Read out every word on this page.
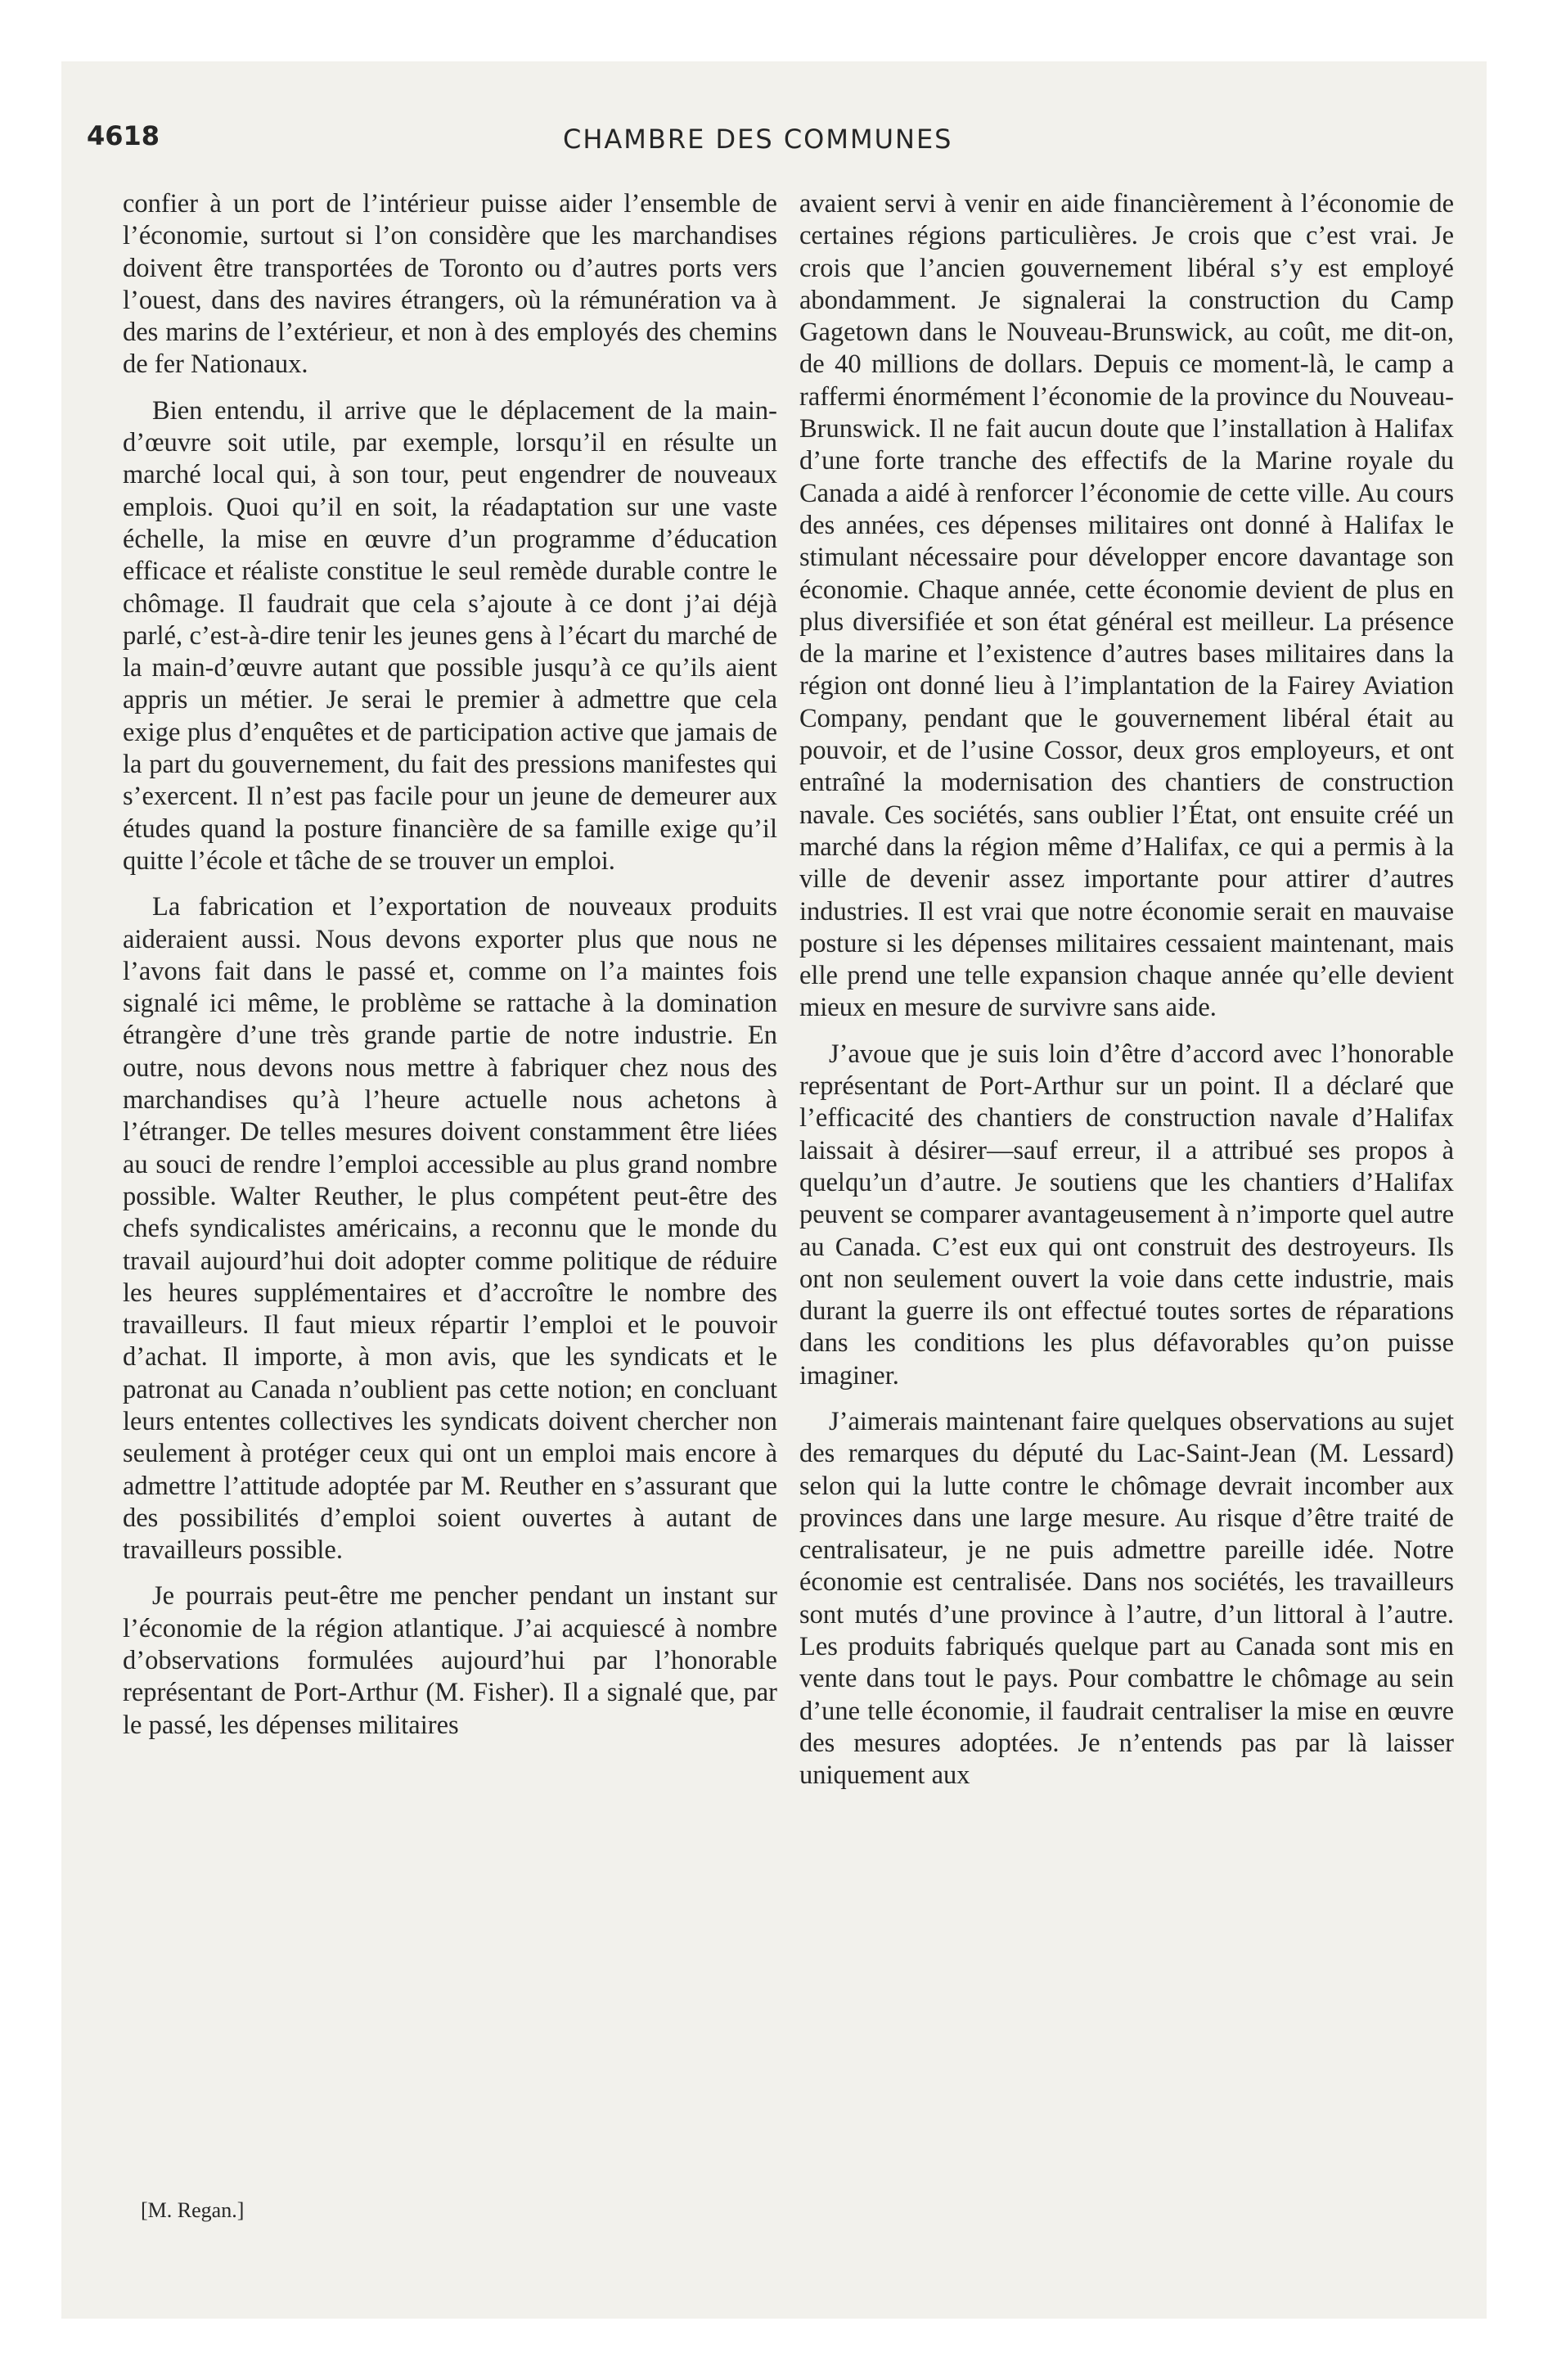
4618	CHAMBRE DES COMMUNES

confier à un port de l’intérieur puisse aider l’ensemble de l’économie, surtout si l’on considère que les marchandises doivent être transportées de Toronto ou d’autres ports vers l’ouest, dans des navires étrangers, où la rémunération va à des marins de l’extérieur, et non à des employés des chemins de fer Nationaux.

Bien entendu, il arrive que le déplacement de la main-d’œuvre soit utile, par exemple, lorsqu’il en résulte un marché local qui, à son tour, peut engendrer de nouveaux emplois. Quoi qu’il en soit, la réadaptation sur une vaste échelle, la mise en œuvre d’un programme d’éducation efficace et réaliste constitue le seul remède durable contre le chômage. Il faudrait que cela s’ajoute à ce dont j’ai déjà parlé, c’est-à-dire tenir les jeunes gens à l’écart du marché de la main-d’œuvre autant que possible jusqu’à ce qu’ils aient appris un métier. Je serai le premier à admettre que cela exige plus d’enquêtes et de participation active que jamais de la part du gouvernement, du fait des pressions manifestes qui s’exercent. Il n’est pas facile pour un jeune de demeurer aux études quand la posture financière de sa famille exige qu’il quitte l’école et tâche de se trouver un emploi.

La fabrication et l’exportation de nouveaux produits aideraient aussi. Nous devons exporter plus que nous ne l’avons fait dans le passé et, comme on l’a maintes fois signalé ici même, le problème se rattache à la domination étrangère d’une très grande partie de notre industrie. En outre, nous devons nous mettre à fabriquer chez nous des marchandises qu’à l’heure actuelle nous achetons à l’étranger. De telles mesures doivent constamment être liées au souci de rendre l’emploi accessible au plus grand nombre possible. Walter Reuther, le plus compétent peut-être des chefs syndicalistes américains, a reconnu que le monde du travail aujourd’hui doit adopter comme politique de réduire les heures supplémentaires et d’accroître le nombre des travailleurs. Il faut mieux répartir l’emploi et le pouvoir d’achat. Il importe, à mon avis, que les syndicats et le patronat au Canada n’oublient pas cette notion; en concluant leurs ententes collectives les syndicats doivent chercher non seulement à protéger ceux qui ont un emploi mais encore à admettre l’attitude adoptée par M. Reuther en s’assurant que des possibilités d’emploi soient ouvertes à autant de travailleurs possible.

Je pourrais peut-être me pencher pendant un instant sur l’économie de la région atlantique. J’ai acquiescé à nombre d’observations formulées aujourd’hui par l’honorable représentant de Port-Arthur (M. Fisher). Il a signalé que, par le passé, les dépenses militaires

avaient servi à venir en aide financièrement à l’économie de certaines régions particulières. Je crois que c’est vrai. Je crois que l’ancien gouvernement libéral s’y est employé abondamment. Je signalerai la construction du Camp Gagetown dans le Nouveau-Brunswick, au coût, me dit-on, de 40 millions de dollars. Depuis ce moment-là, le camp a raffermi énormément l’économie de la province du Nouveau-Brunswick. Il ne fait aucun doute que l’installation à Halifax d’une forte tranche des effectifs de la Marine royale du Canada a aidé à renforcer l’économie de cette ville. Au cours des années, ces dépenses militaires ont donné à Halifax le stimulant nécessaire pour développer encore davantage son économie. Chaque année, cette économie devient de plus en plus diversifiée et son état général est meilleur. La présence de la marine et l’existence d’autres bases militaires dans la région ont donné lieu à l’implantation de la Fairey Aviation Company, pendant que le gouvernement libéral était au pouvoir, et de l’usine Cossor, deux gros employeurs, et ont entraîné la modernisation des chantiers de construction navale. Ces sociétés, sans oublier l’État, ont ensuite créé un marché dans la région même d’Halifax, ce qui a permis à la ville de devenir assez importante pour attirer d’autres industries. Il est vrai que notre économie serait en mauvaise posture si les dépenses militaires cessaient maintenant, mais elle prend une telle expansion chaque année qu’elle devient mieux en mesure de survivre sans aide.

J’avoue que je suis loin d’être d’accord avec l’honorable représentant de Port-Arthur sur un point. Il a déclaré que l’efficacité des chantiers de construction navale d’Halifax laissait à désirer—sauf erreur, il a attribué ses propos à quelqu’un d’autre. Je soutiens que les chantiers d’Halifax peuvent se comparer avantageusement à n’importe quel autre au Canada. C’est eux qui ont construit des destroyeurs. Ils ont non seulement ouvert la voie dans cette industrie, mais durant la guerre ils ont effectué toutes sortes de réparations dans les conditions les plus défavorables qu’on puisse imaginer.

J’aimerais maintenant faire quelques observations au sujet des remarques du député du Lac-Saint-Jean (M. Lessard) selon qui la lutte contre le chômage devrait incomber aux provinces dans une large mesure. Au risque d’être traité de centralisateur, je ne puis admettre pareille idée. Notre économie est centralisée. Dans nos sociétés, les travailleurs sont mutés d’une province à l’autre, d’un littoral à l’autre. Les produits fabriqués quelque part au Canada sont mis en vente dans tout le pays. Pour combattre le chômage au sein d’une telle économie, il faudrait centraliser la mise en œuvre des mesures adoptées. Je n’entends pas par là laisser uniquement aux

[M. Regan.]
